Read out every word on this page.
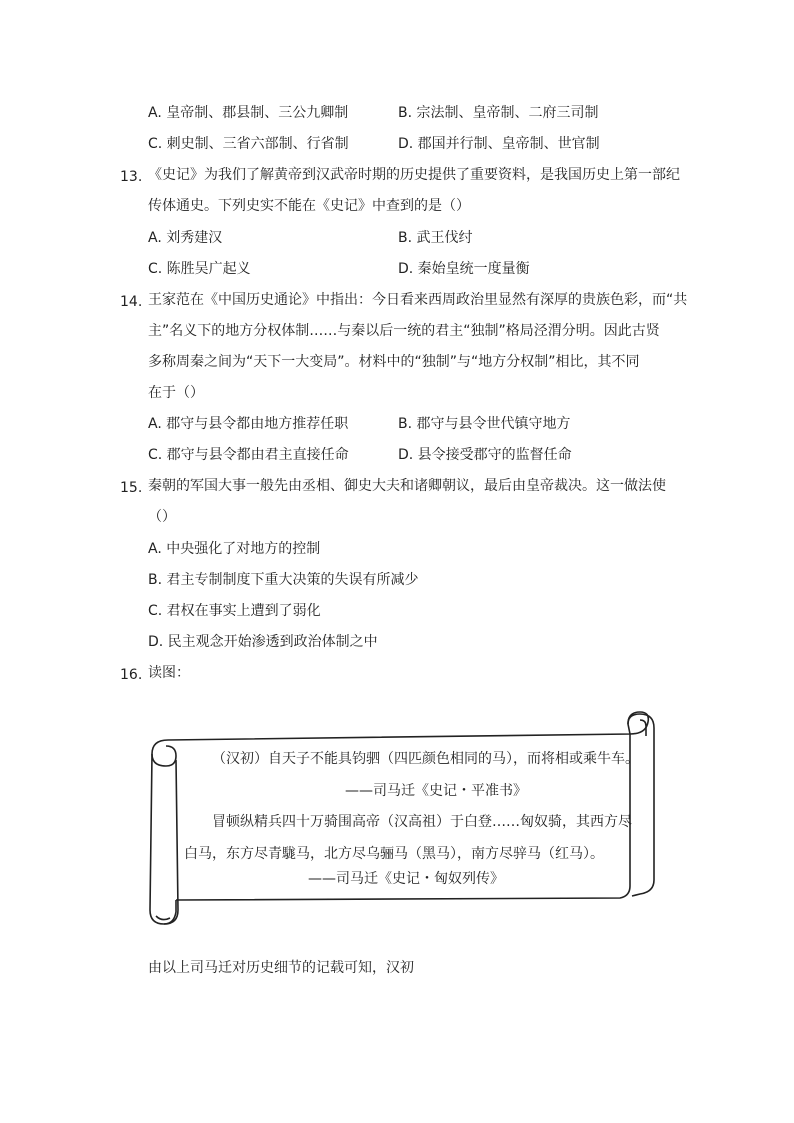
A. 皇帝制、郡县制、三公九卿制	B. 宗法制、皇帝制、二府三司制
C. 刺史制、三省六部制、行省制	D. 郡国并行制、皇帝制、世官制
13. 《史记》为我们了解黄帝到汉武帝时期的历史提供了重要资料，是我国历史上第一部纪
传体通史。下列史实不能在《史记》中查到的是（）
A. 刘秀建汉	B. 武王伐纣
C. 陈胜吴广起义	D. 秦始皇统一度量衡
14. 王家范在《中国历史通论》中指出：今日看来西周政治里显然有深厚的贵族色彩，而“共
主”名义下的地方分权体制……与秦以后一统的君主“独制”格局泾渭分明。因此古贤
多称周秦之间为“天下一大变局”。材料中的“独制”与“地方分权制”相比，其不同
在于（）
A. 郡守与县令都由地方推荐任职	B. 郡守与县令世代镇守地方
C. 郡守与县令都由君主直接任命	D. 县令接受郡守的监督任命
15. 秦朝的军国大事一般先由丞相、御史大夫和诸卿朝议，最后由皇帝裁决。这一做法使
（）
A. 中央强化了对地方的控制
B. 君主专制制度下重大决策的失误有所减少
C. 君权在事实上遭到了弱化
D. 民主观念开始渗透到政治体制之中
16. 读图：
（汉初）自天子不能具钧驷（四匹颜色相同的马），而将相或乘牛车。
——司马迁《史记・平准书》
冒顿纵精兵四十万骑围高帝（汉高祖）于白登……匈奴骑，其西方尽
白马，东方尽青駹马，北方尽乌骊马（黑马），南方尽骍马（红马）。
——司马迁《史记・匈奴列传》
由以上司马迁对历史细节的记载可知，汉初
